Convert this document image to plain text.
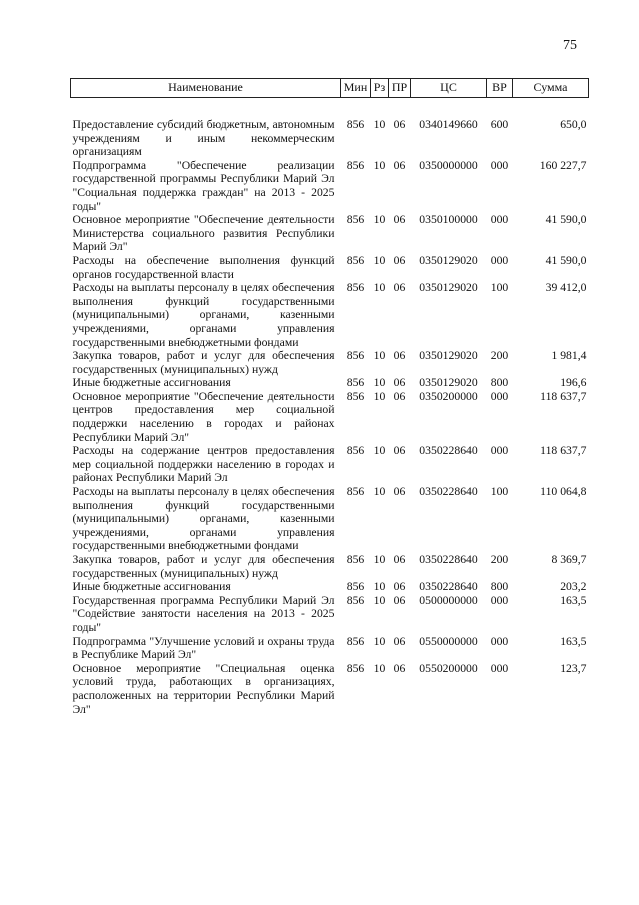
75
Наименование	Мин	Рз	ПР	ЦС	ВР	Сумма
Предоставление субсидий бюджетным, автономным учреждениям и иным некоммерческим организациям	856	10	06	0340149660	600	650,0
Подпрограмма "Обеспечение реализации государственной программы Республики Марий Эл "Социальная поддержка граждан" на 2013 - 2025 годы"	856	10	06	0350000000	000	160 227,7
Основное мероприятие "Обеспечение деятельности Министерства социального развития Республики Марий Эл"	856	10	06	0350100000	000	41 590,0
Расходы на обеспечение выполнения функций органов государственной власти	856	10	06	0350129020	000	41 590,0
Расходы на выплаты персоналу в целях обеспечения выполнения функций государственными (муниципальными) органами, казенными учреждениями, органами управления государственными внебюджетными фондами	856	10	06	0350129020	100	39 412,0
Закупка товаров, работ и услуг для обеспечения государственных (муниципальных) нужд	856	10	06	0350129020	200	1 981,4
Иные бюджетные ассигнования	856	10	06	0350129020	800	196,6
Основное мероприятие "Обеспечение деятельности центров предоставления мер социальной поддержки населению в городах и районах Республики Марий Эл"	856	10	06	0350200000	000	118 637,7
Расходы на содержание центров предоставления мер социальной поддержки населению в городах и районах Республики Марий Эл	856	10	06	0350228640	000	118 637,7
Расходы на выплаты персоналу в целях обеспечения выполнения функций государственными (муниципальными) органами, казенными учреждениями, органами управления государственными внебюджетными фондами	856	10	06	0350228640	100	110 064,8
Закупка товаров, работ и услуг для обеспечения государственных (муниципальных) нужд	856	10	06	0350228640	200	8 369,7
Иные бюджетные ассигнования	856	10	06	0350228640	800	203,2
Государственная программа Республики Марий Эл "Содействие занятости населения на 2013 - 2025 годы"	856	10	06	0500000000	000	163,5
Подпрограмма "Улучшение условий и охраны труда в Республике Марий Эл"	856	10	06	0550000000	000	163,5
Основное мероприятие "Специальная оценка условий труда, работающих в организациях, расположенных на территории Республики Марий Эл"	856	10	06	0550200000	000	123,7
